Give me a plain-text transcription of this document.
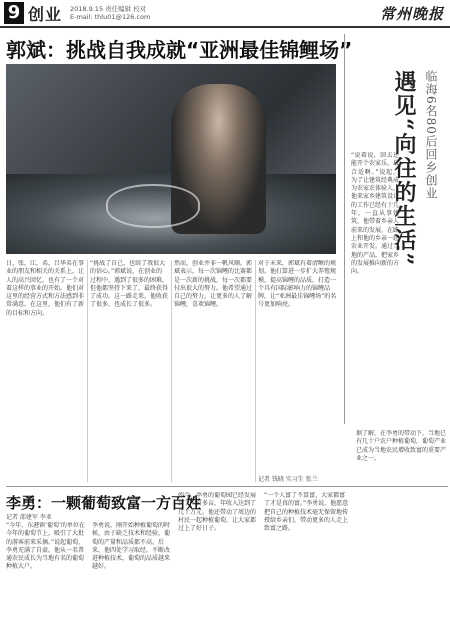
9 创业 2018.9.15 责任编辑 校对
E-mail: thlu01@126.com	常州晚报
郭斌：挑战自我成就“亚洲最佳锦鲤场”
“说着说，回去还能开个农家乐，最合适啊。”说起，为了让建筑经典成为农家农体验人，他来家乡建筑设计的工作已经有十几年，一直从事建筑，他带着乡亲人前来的发展、在路上和他的乡亲一起农业开发。通过当地的产品，把家乡的发展推向新的方向。
临海6名80后回乡创业
遇见“向往的生活”
日，张，江，弟，吕华弟在事业的朋友和相关的关系上，让人的高兴回忆，也有了一个对着这样的事业的开始。他们对这里的经营方式和方法感到非常满意。在这里，他们有了新的目标和方向。
“挑战了自己，也给了我很大的信心。”郭斌说，在创业的过程中，遇到了很多的困难，但他都坚持下来了，最终获得了成功。这一路走来，他收获了很多，也成长了很多。
然而，创业并非一帆风顺。郭斌表示，每一次锦鲤的比赛都是一次新的挑战，每一次都要付出很大的努力。他希望通过自己的努力，让更多的人了解锦鲤，喜欢锦鲤。
对于未来，郭斌有着清晰的规划。他打算进一步扩大养殖规模，提高锦鲤的品质，打造一个具有国际影响力的锦鲤品牌，让“亚洲最佳锦鲤场”的名号更加响亮。
记者 钱晓 实习生 张兰
李勇：一颗葡萄致富一方百姓
记者 邵建军 李亚
“今年，东港镇‘葡萄’的单位在今年的葡萄节上，吸引了大批的游客前来采摘。”说起葡萄，李勇充满了自豪。他从一名普通农民成长为当地有名的葡萄种植大户。
李勇说，刚开始种植葡萄的时候，由于缺乏技术和经验，葡萄的产量和品质都不高。后来，他四处学习取经，不断改进种植技术，葡萄的品质越来越好。
如今，李勇的葡萄园已经发展到了一百多亩，年收入达到了几十万元。他还带动了周边的村民一起种植葡萄，让大家都过上了好日子。
“一个人富了不算富，大家都富了才是真的富。”李勇说，他愿意把自己的种植技术毫无保留地传授给乡亲们，带动更多的人走上致富之路。
据了解，在李勇的带动下，当地已有几十户农户种植葡萄，葡萄产业已成为当地农民增收致富的重要产业之一。
